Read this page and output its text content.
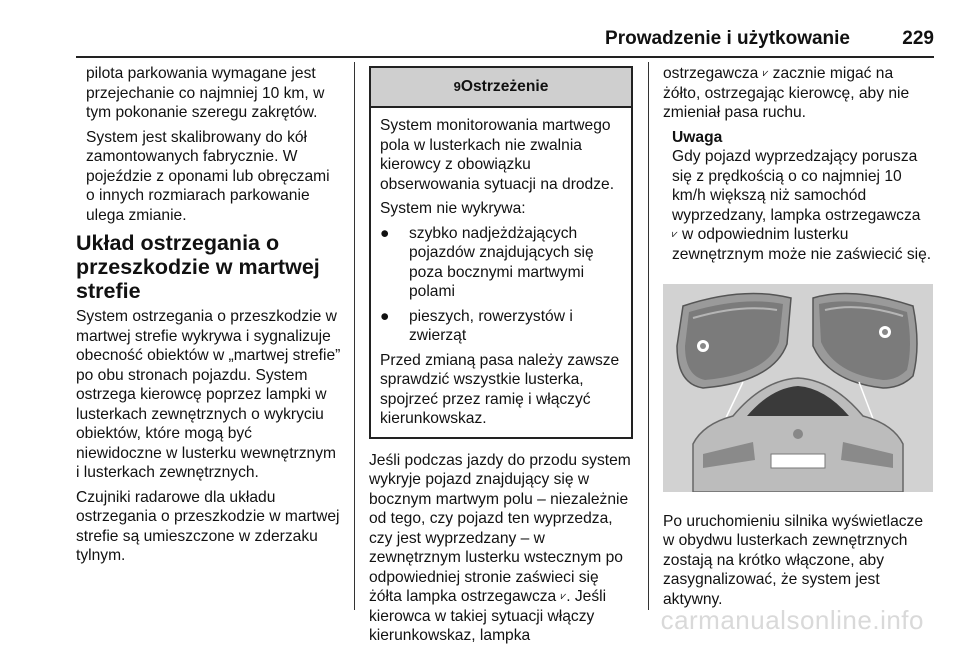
Prowadzenie i użytkowanie	229

pilota parkowania wymagane jest przejechanie co najmniej 10 km, w tym pokonanie szeregu zakrętów.

System jest skalibrowany do kół zamontowanych fabrycznie. W pojeździe z oponami lub obręczami o innych rozmiarach parkowanie ulega zmianie.

Układ ostrzegania o przeszkodzie w martwej strefie

System ostrzegania o przeszkodzie w martwej strefie wykrywa i sygnalizuje obecność obiektów w „martwej strefie” po obu stronach pojazdu. System ostrzega kierowcę poprzez lampki w lusterkach zewnętrznych o wykryciu obiektów, które mogą być niewidoczne w lusterku wewnętrznym i lusterkach zewnętrznych.

Czujniki radarowe dla układu ostrzegania o przeszkodzie w martwej strefie są umieszczone w zderzaku tylnym.

9Ostrzeżenie

System monitorowania martwego pola w lusterkach nie zwalnia kierowcy z obowiązku obserwowania sytuacji na drodze.

System nie wykrywa:

● szybko nadjeżdżających pojazdów znajdujących się poza bocznymi martwymi polami
● pieszych, rowerzystów i zwierząt

Przed zmianą pasa należy zawsze sprawdzić wszystkie lusterka, spojrzeć przez ramię i włączyć kierunkowskaz.

Jeśli podczas jazdy do przodu system wykryje pojazd znajdujący się w bocznym martwym polu – niezależnie od tego, czy pojazd ten wyprzedza, czy jest wyprzedzany – w zewnętrznym lusterku wstecznym po odpowiedniej stronie zaświeci się żółta lampka ostrzegawcza ⩗. Jeśli kierowca w takiej sytuacji włączy kierunkowskaz, lampka

ostrzegawcza ⩗ zacznie migać na żółto, ostrzegając kierowcę, aby nie zmieniał pasa ruchu.

Uwaga
Gdy pojazd wyprzedzający porusza się z prędkością o co najmniej 10 km/h większą niż samochód wyprzedzany, lampka ostrzegawcza
⩗ w odpowiednim lusterku zewnętrznym może nie zaświecić się.

Po uruchomieniu silnika wyświetlacze w obydwu lusterkach zewnętrznych zostają na krótko włączone, aby zasygnalizować, że system jest aktywny.

carmanualsonline.info
